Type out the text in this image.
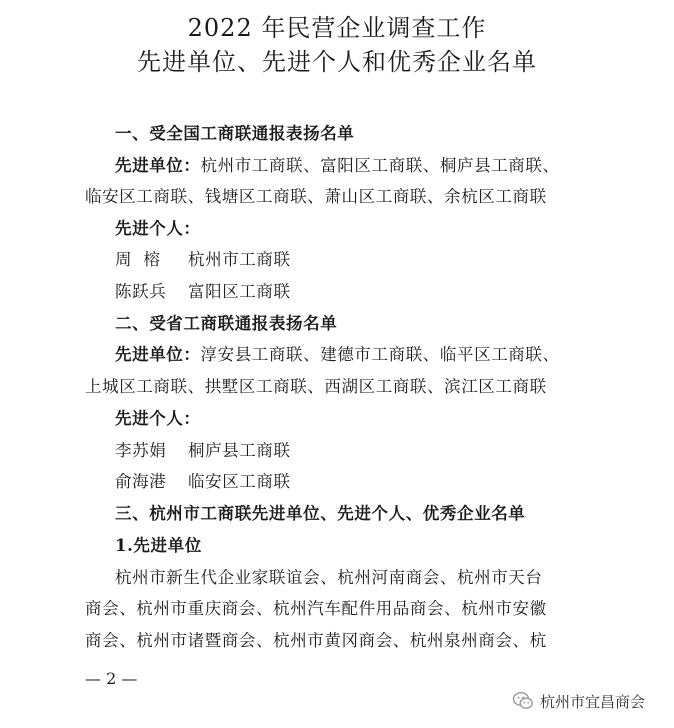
2022 年民营企业调查工作
先进单位、先进个人和优秀企业名单
一、受全国工商联通报表扬名单
先进单位：杭州市工商联、富阳区工商联、桐庐县工商联、
临安区工商联、钱塘区工商联、萧山区工商联、余杭区工商联
先进个人：
周榕 杭州市工商联
陈跃兵 富阳区工商联
二、受省工商联通报表扬名单
先进单位：淳安县工商联、建德市工商联、临平区工商联、
上城区工商联、拱墅区工商联、西湖区工商联、滨江区工商联
先进个人：
李苏娟 桐庐县工商联
俞海港 临安区工商联
三、杭州市工商联先进单位、先进个人、优秀企业名单
1.先进单位
杭州市新生代企业家联谊会、杭州河南商会、杭州市天台
商会、杭州市重庆商会、杭州汽车配件用品商会、杭州市安徽
商会、杭州市诸暨商会、杭州市黄冈商会、杭州泉州商会、杭
— 2 —
杭州市宜昌商会
